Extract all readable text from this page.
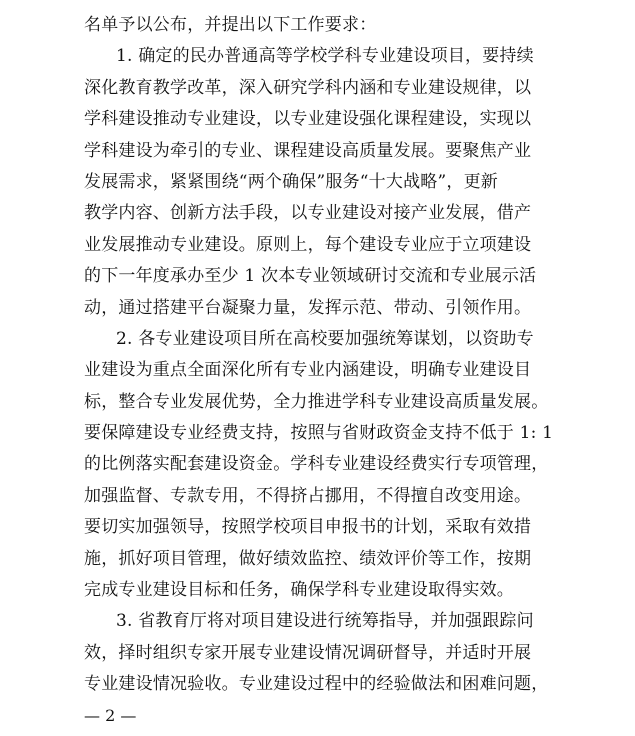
名单予以公布，并提出以下工作要求：
1. 确定的民办普通高等学校学科专业建设项目，要持续
深化教育教学改革，深入研究学科内涵和专业建设规律，以
学科建设推动专业建设，以专业建设强化课程建设，实现以
学科建设为牵引的专业、课程建设高质量发展。要聚焦产业
发展需求，紧紧围绕“两个确保”服务“十大战略”，更新
教学内容、创新方法手段，以专业建设对接产业发展，借产
业发展推动专业建设。原则上，每个建设专业应于立项建设
的下一年度承办至少 1 次本专业领域研讨交流和专业展示活
动，通过搭建平台凝聚力量，发挥示范、带动、引领作用。
2. 各专业建设项目所在高校要加强统筹谋划，以资助专
业建设为重点全面深化所有专业内涵建设，明确专业建设目
标，整合专业发展优势，全力推进学科专业建设高质量发展。
要保障建设专业经费支持，按照与省财政资金支持不低于 1: 1
的比例落实配套建设资金。学科专业建设经费实行专项管理，
加强监督、专款专用，不得挤占挪用，不得擅自改变用途。
要切实加强领导，按照学校项目申报书的计划，采取有效措
施，抓好项目管理，做好绩效监控、绩效评价等工作，按期
完成专业建设目标和任务，确保学科专业建设取得实效。
3. 省教育厅将对项目建设进行统筹指导，并加强跟踪问
效，择时组织专家开展专业建设情况调研督导，并适时开展
专业建设情况验收。专业建设过程中的经验做法和困难问题，
— 2 —
